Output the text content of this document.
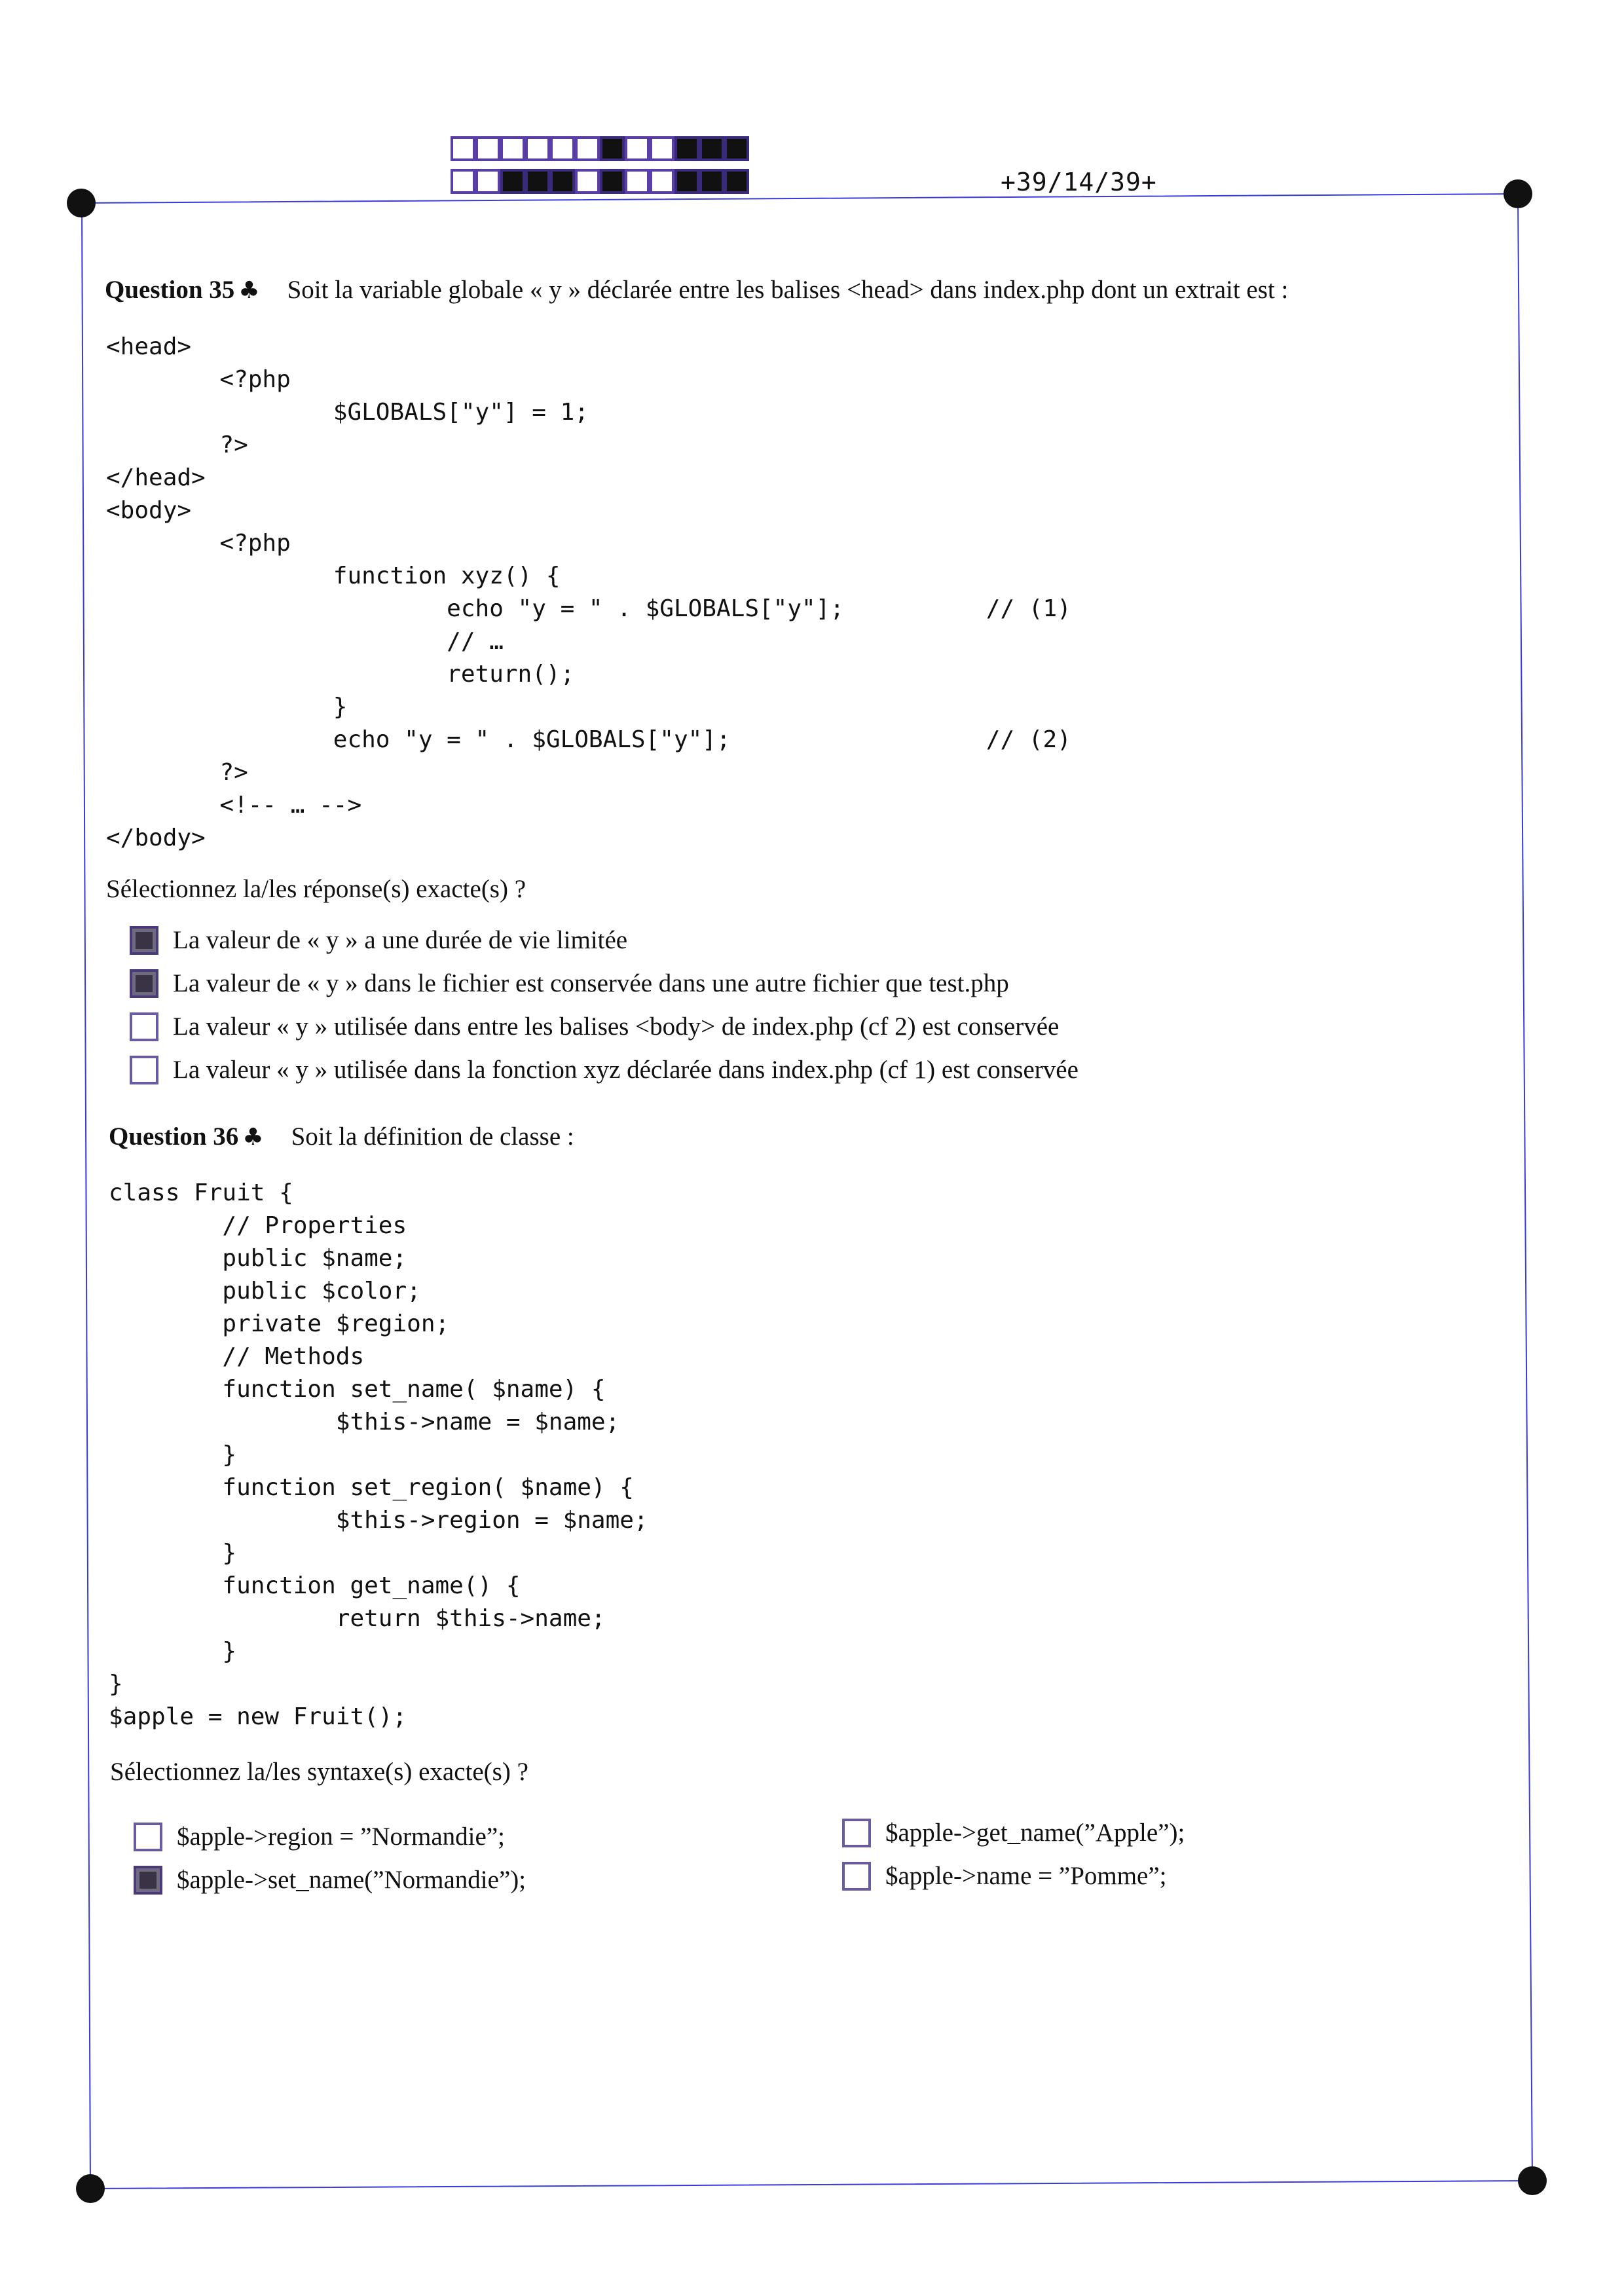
+39/14/39+
Question 35 ♣ Soit la variable globale « y » déclarée entre les balises <head> dans index.php dont un extrait est :
<head>
<?php
$GLOBALS["y"] = 1;
?>
</head>
<body>
<?php
function xyz() {
echo "y = " . $GLOBALS["y"];          // (1)
// …
return();
}
echo "y = " . $GLOBALS["y"];                  // (2)
?>
<!-- … -->
</body>
Sélectionnez la/les réponse(s) exacte(s) ?
La valeur de « y » a une durée de vie limitée
La valeur de « y » dans le fichier est conservée dans une autre fichier que test.php
La valeur « y » utilisée dans entre les balises <body> de index.php (cf 2) est conservée
La valeur « y » utilisée dans la fonction xyz déclarée dans index.php (cf 1) est conservée
Question 36 ♣ Soit la définition de classe :
class Fruit {
// Properties
public $name;
public $color;
private $region;
// Methods
function set_name( $name) {
$this->name = $name;
}
function set_region( $name) {
$this->region = $name;
}
function get_name() {
return $this->name;
}
}
$apple = new Fruit();
Sélectionnez la/les syntaxe(s) exacte(s) ?
$apple->region = ”Normandie”;
$apple->set_name(”Normandie”);
$apple->get_name(”Apple”);
$apple->name = ”Pomme”;
